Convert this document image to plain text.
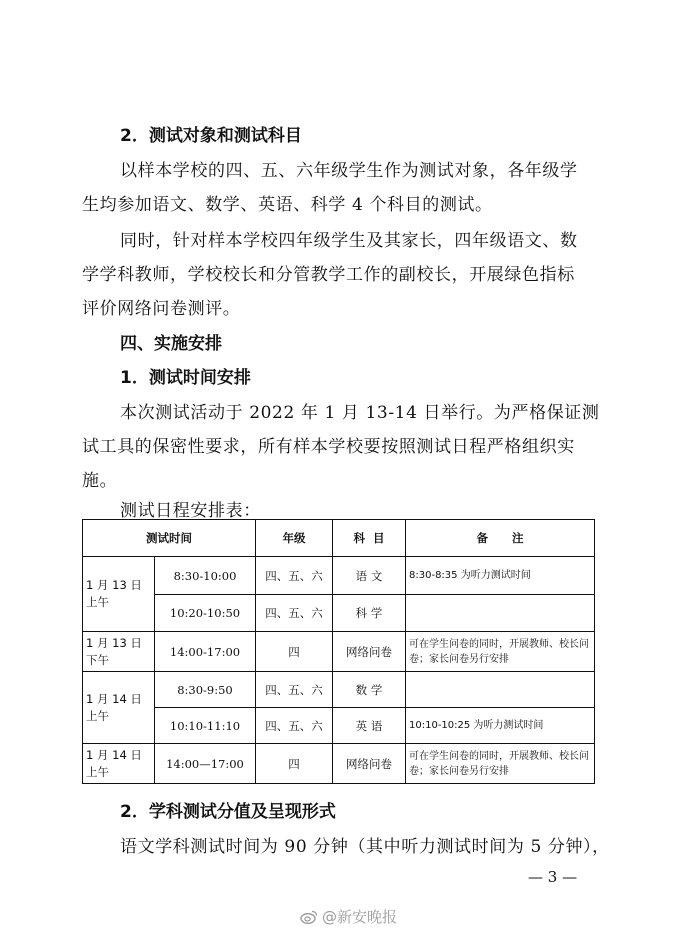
2．测试对象和测试科目
以样本学校的四、五、六年级学生作为测试对象，各年级学
生均参加语文、数学、英语、科学 4 个科目的测试。
同时，针对样本学校四年级学生及其家长，四年级语文、数
学学科教师，学校校长和分管教学工作的副校长，开展绿色指标
评价网络问卷测评。
四、实施安排
1．测试时间安排
本次测试活动于 2022 年 1 月 13-14 日举行。为严格保证测
试工具的保密性要求，所有样本学校要按照测试日程严格组织实
施。
测试日程安排表：
测试时间		年级	科  目	备      注
1 月 13 日上午	8:30-10:00	四、五、六	语 文	8:30-8:35 为听力测试时间
	10:20-10:50	四、五、六	科 学	
1 月 13 日下午	14:00-17:00	四	网络问卷	可在学生问卷的同时，开展教师、校长问卷；家长问卷另行安排
1 月 14 日上午	8:30-9:50	四、五、六	数 学	
	10:10-11:10	四、五、六	英 语	10:10-10:25 为听力测试时间
1 月 14 日上午	14:00—17:00	四	网络问卷	可在学生问卷的同时，开展教师、校长问卷；家长问卷另行安排
2．学科测试分值及呈现形式
语文学科测试时间为 90 分钟（其中听力测试时间为 5 分钟），
— 3 —
@新安晚报
